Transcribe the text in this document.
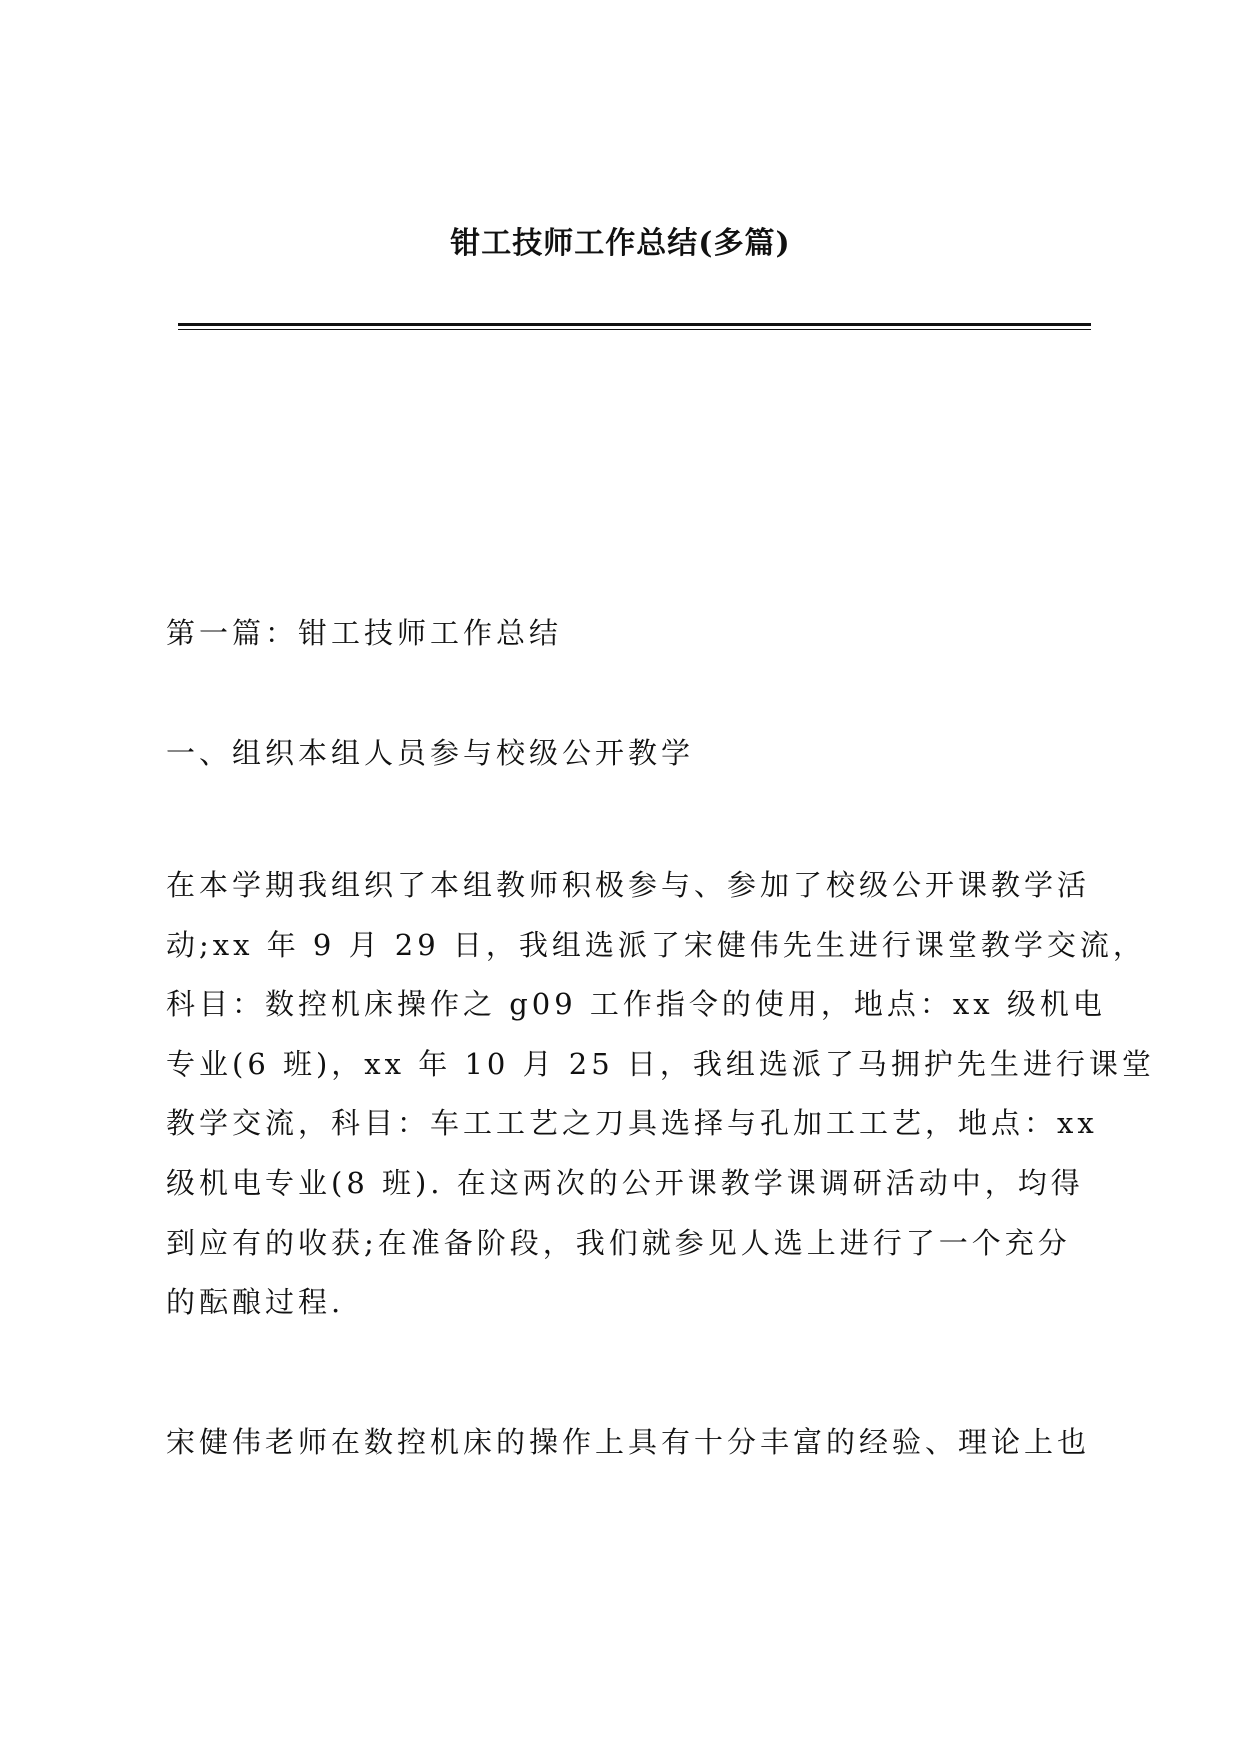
钳工技师工作总结(多篇)
第一篇：钳工技师工作总结
一、组织本组人员参与校级公开教学
在本学期我组织了本组教师积极参与、参加了校级公开课教学活
动;xx 年 9 月 29 日，我组选派了宋健伟先生进行课堂教学交流，
科目：数控机床操作之 g09 工作指令的使用，地点：xx 级机电
专业(6 班)，xx 年 10 月 25 日，我组选派了马拥护先生进行课堂
教学交流，科目：车工工艺之刀具选择与孔加工工艺，地点：xx
级机电专业(8 班). 在这两次的公开课教学课调研活动中，均得
到应有的收获;在准备阶段，我们就参见人选上进行了一个充分
的酝酿过程.
宋健伟老师在数控机床的操作上具有十分丰富的经验、理论上也
